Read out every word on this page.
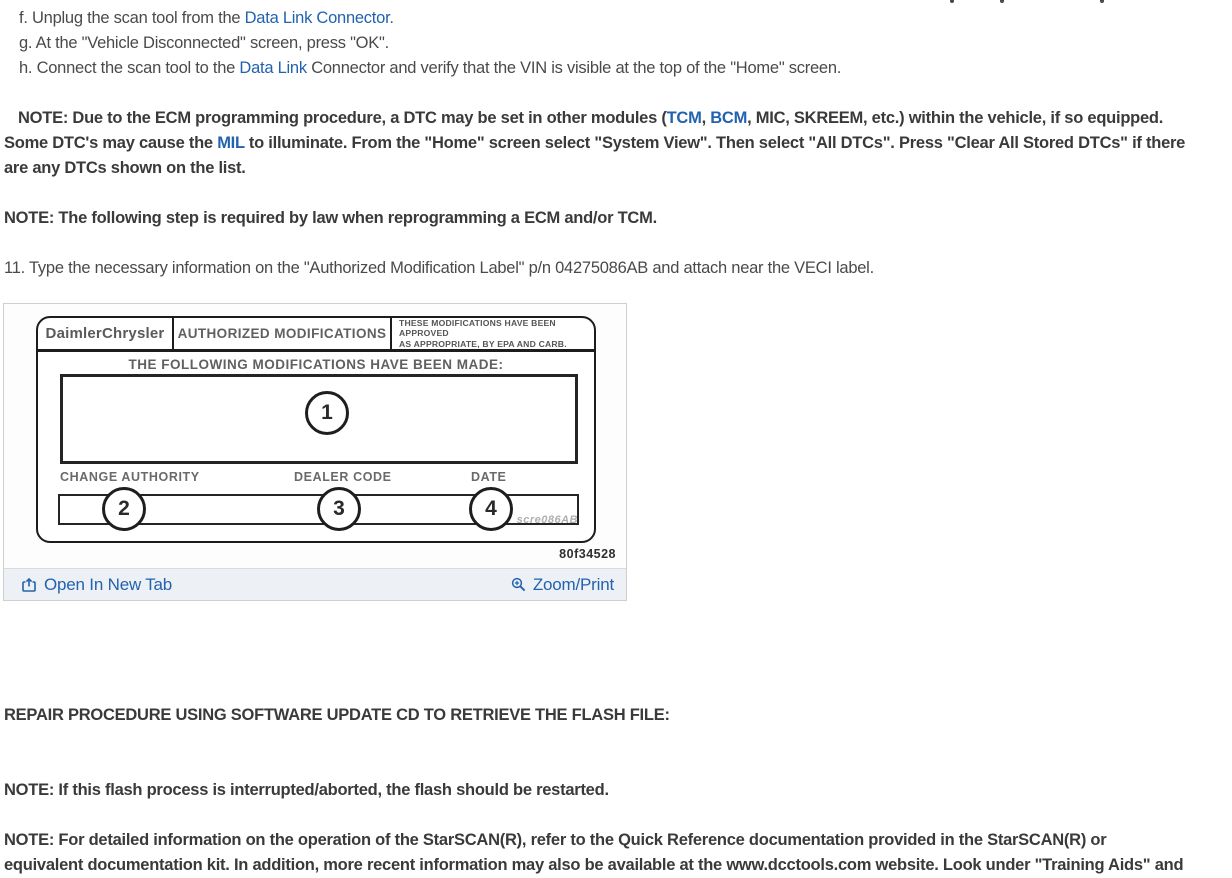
f. Unplug the scan tool from the Data Link Connector.
g. At the "Vehicle Disconnected" screen, press "OK".
h. Connect the scan tool to the Data Link Connector and verify that the VIN is visible at the top of the "Home" screen.
NOTE: Due to the ECM programming procedure, a DTC may be set in other modules (TCM, BCM, MIC, SKREEM, etc.) within the vehicle, if so equipped.
Some DTC's may cause the MIL to illuminate. From the "Home" screen select "System View". Then select "All DTCs". Press "Clear All Stored DTCs" if there
are any DTCs shown on the list.
NOTE: The following step is required by law when reprogramming a ECM and/or TCM.
11. Type the necessary information on the "Authorized Modification Label" p/n 04275086AB and attach near the VECI label.
DaimlerChrysler AUTHORIZED MODIFICATIONS
THESE MODIFICATIONS HAVE BEEN APPROVED
AS APPROPRIATE, BY EPA AND CARB.
THE FOLLOWING MODIFICATIONS HAVE BEEN MADE:
1
CHANGE AUTHORITY	DEALER CODE	DATE
2	3	4	scre086AB
80f34528
Open In New Tab	Zoom/Print
REPAIR PROCEDURE USING SOFTWARE UPDATE CD TO RETRIEVE THE FLASH FILE:
NOTE: If this flash process is interrupted/aborted, the flash should be restarted.
NOTE: For detailed information on the operation of the StarSCAN(R), refer to the Quick Reference documentation provided in the StarSCAN(R) or
equivalent documentation kit. In addition, more recent information may also be available at the www.dcctools.com website. Look under "Training Aids" and
